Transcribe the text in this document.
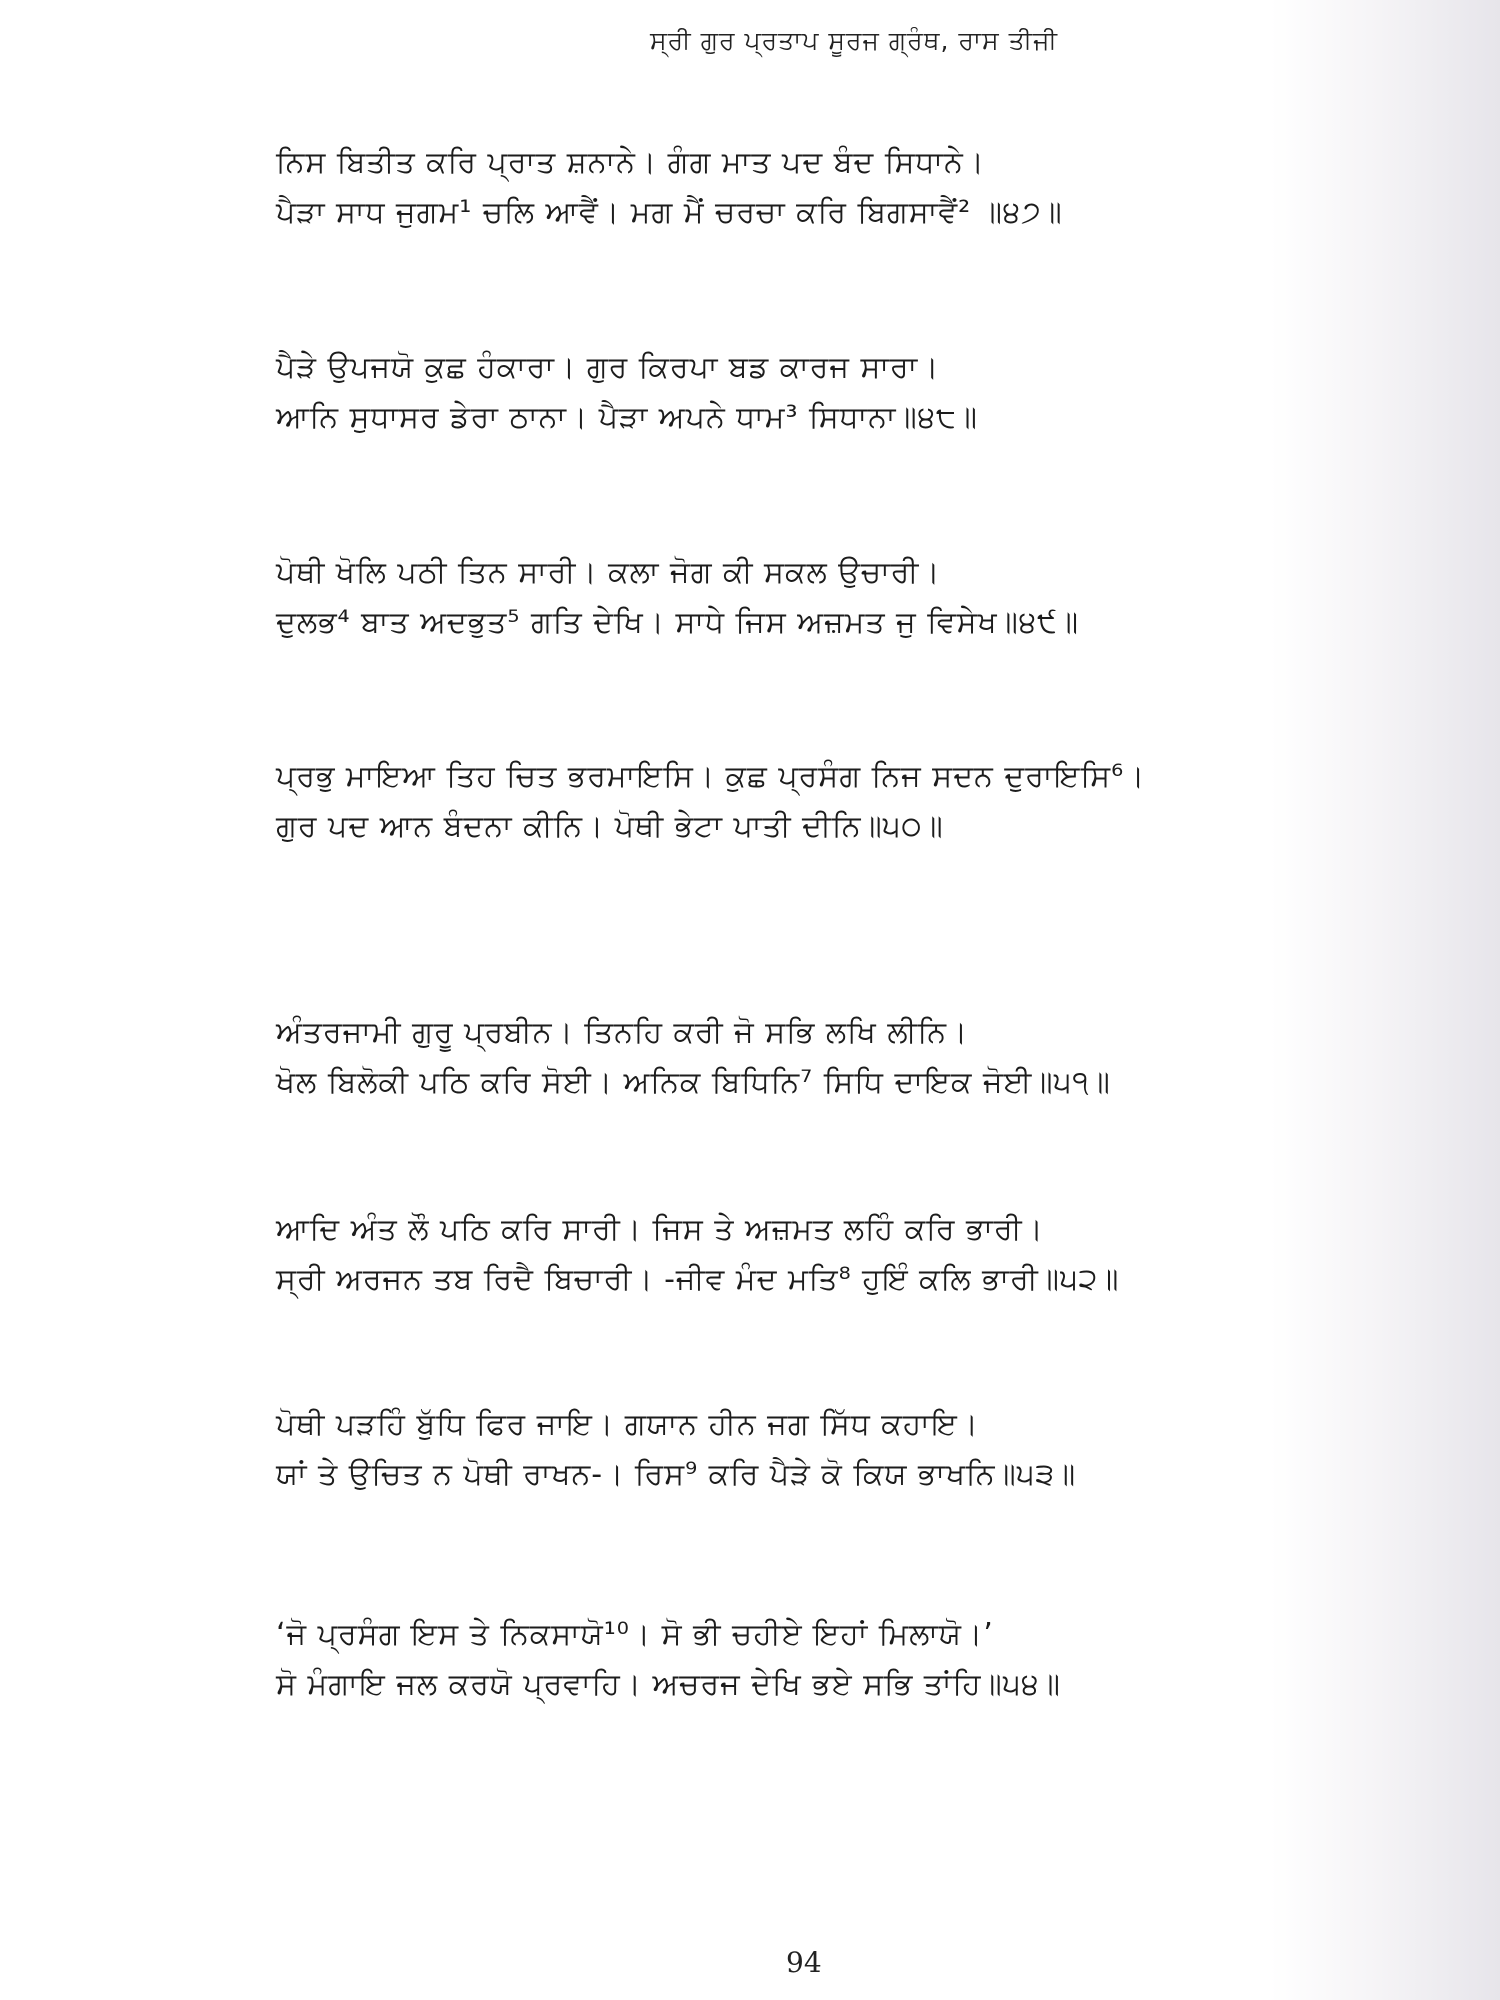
ਸ੍ਰੀ ਗੁਰ ਪ੍ਰਤਾਪ ਸੂਰਜ ਗ੍ਰੰਥ, ਰਾਸ ਤੀਜੀ
ਨਿਸ ਬਿਤੀਤ ਕਰਿ ਪ੍ਰਾਤ ਸ਼ਨਾਨੇ। ਗੰਗ ਮਾਤ ਪਦ ਬੰਦ ਸਿਧਾਨੇ।
ਪੈੜਾ ਸਾਧ ਜੁਗਮ¹ ਚਲਿ ਆਵੈਂ। ਮਗ ਮੈਂ ਚਰਚਾ ਕਰਿ ਬਿਗਸਾਵੈਂ² ॥੪੭॥
ਪੈੜੇ ਉਪਜਯੋ ਕੁਛ ਹੰਕਾਰਾ। ਗੁਰ ਕਿਰਪਾ ਬਡ ਕਾਰਜ ਸਾਰਾ।
ਆਨਿ ਸੁਧਾਸਰ ਡੇਰਾ ਠਾਨਾ। ਪੈੜਾ ਅਪਨੇ ਧਾਮ³ ਸਿਧਾਨਾ॥੪੮॥
ਪੋਥੀ ਖੋਲਿ ਪਠੀ ਤਿਨ ਸਾਰੀ। ਕਲਾ ਜੋਗ ਕੀ ਸਕਲ ਉਚਾਰੀ।
ਦੁਲਭ⁴ ਬਾਤ ਅਦਭੁਤ⁵ ਗਤਿ ਦੇਖਿ। ਸਾਧੇ ਜਿਸ ਅਜ਼ਮਤ ਜੁ ਵਿਸੇਖ॥੪੯॥
ਪ੍ਰਭੁ ਮਾਇਆ ਤਿਹ ਚਿਤ ਭਰਮਾਇਸਿ। ਕੁਛ ਪ੍ਰਸੰਗ ਨਿਜ ਸਦਨ ਦੁਰਾਇਸਿ⁶।
ਗੁਰ ਪਦ ਆਨ ਬੰਦਨਾ ਕੀਨਿ। ਪੋਥੀ ਭੇਟਾ ਪਾਤੀ ਦੀਨਿ॥੫੦॥
ਅੰਤਰਜਾਮੀ ਗੁਰੂ ਪ੍ਰਬੀਨ। ਤਿਨਹਿ ਕਰੀ ਜੋ ਸਭਿ ਲਖਿ ਲੀਨਿ।
ਖੋਲ ਬਿਲੋਕੀ ਪਠਿ ਕਰਿ ਸੋਈ। ਅਨਿਕ ਬਿਧਿਨਿ⁷ ਸਿਧਿ ਦਾਇਕ ਜੋਈ॥੫੧॥
ਆਦਿ ਅੰਤ ਲੌ ਪਠਿ ਕਰਿ ਸਾਰੀ। ਜਿਸ ਤੇ ਅਜ਼ਮਤ ਲਹਿੰ ਕਰਿ ਭਾਰੀ।
ਸ੍ਰੀ ਅਰਜਨ ਤਬ ਰਿਦੈ ਬਿਚਾਰੀ। -ਜੀਵ ਮੰਦ ਮਤਿ⁸ ਹੁਇੰ ਕਲਿ ਭਾਰੀ॥੫੨॥
ਪੋਥੀ ਪੜਹਿੰ ਬੁੱਧਿ ਫਿਰ ਜਾਇ। ਗਯਾਨ ਹੀਨ ਜਗ ਸਿੱਧ ਕਹਾਇ।
ਯਾਂ ਤੇ ਉਚਿਤ ਨ ਪੋਥੀ ਰਾਖਨ-। ਰਿਸ⁹ ਕਰਿ ਪੈੜੇ ਕੋ ਕਿਯ ਭਾਖਨਿ॥੫੩॥
‘ਜੋ ਪ੍ਰਸੰਗ ਇਸ ਤੇ ਨਿਕਸਾਯੋ¹⁰। ਸੋ ਭੀ ਚਹੀਏ ਇਹਾਂ ਮਿਲਾਯੋ।’
ਸੋ ਮੰਗਾਇ ਜਲ ਕਰਯੋ ਪ੍ਰਵਾਹਿ। ਅਚਰਜ ਦੇਖਿ ਭਏ ਸਭਿ ਤਾਂਹਿ॥੫੪॥
94
